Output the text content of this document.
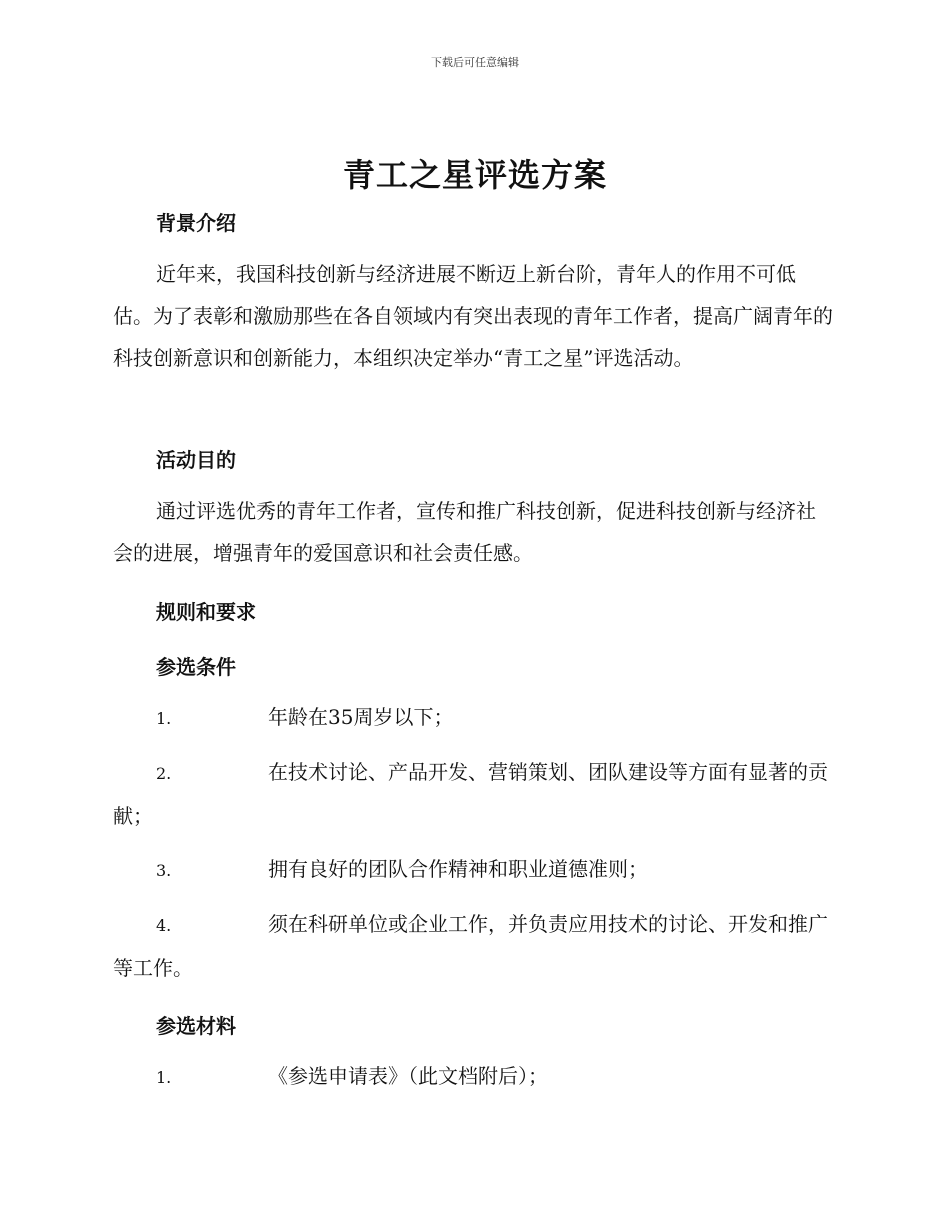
下载后可任意编辑
青工之星评选方案
背景介绍

近年来，我国科技创新与经济进展不断迈上新台阶，青年人的作用不可低估。为了表彰和激励那些在各自领域内有突出表现的青年工作者，提高广阔青年的科技创新意识和创新能力，本组织决定举办“青工之星”评选活动。

活动目的

通过评选优秀的青年工作者，宣传和推广科技创新，促进科技创新与经济社会的进展，增强青年的爱国意识和社会责任感。

规则和要求
参选条件
1.	年龄在35周岁以下；
2.	在技术讨论、产品开发、营销策划、团队建设等方面有显著的贡献；
3.	拥有良好的团队合作精神和职业道德准则；
4.	须在科研单位或企业工作，并负责应用技术的讨论、开发和推广等工作。
参选材料
1.	《参选申请表》（此文档附后）；
